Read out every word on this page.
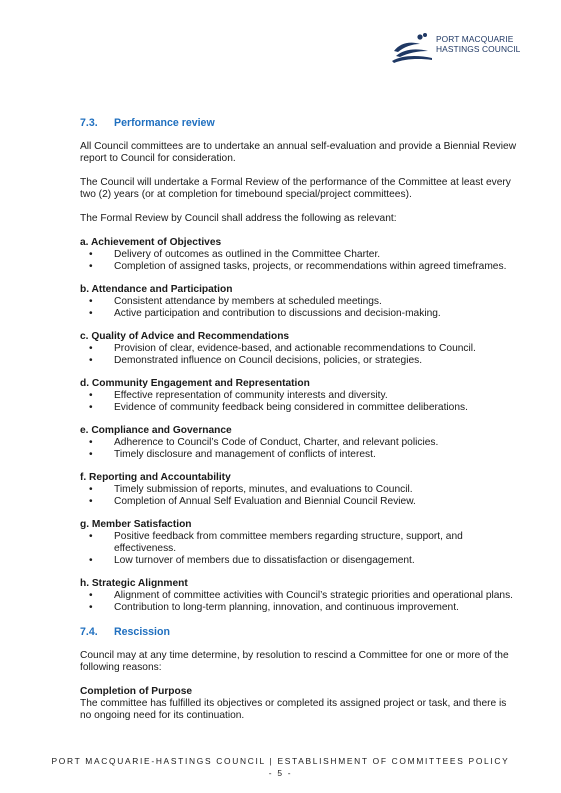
PORT MACQUARIE
HASTINGS COUNCIL
7.3.	Performance review

All Council committees are to undertake an annual self-evaluation and provide a Biennial Review report to Council for consideration.

The Council will undertake a Formal Review of the performance of the Committee at least every two (2) years (or at completion for timebound special/project committees).

The Formal Review by Council shall address the following as relevant:

a. Achievement of Objectives
• Delivery of outcomes as outlined in the Committee Charter.
• Completion of assigned tasks, projects, or recommendations within agreed timeframes.
b. Attendance and Participation
• Consistent attendance by members at scheduled meetings.
• Active participation and contribution to discussions and decision-making.
c. Quality of Advice and Recommendations
• Provision of clear, evidence-based, and actionable recommendations to Council.
• Demonstrated influence on Council decisions, policies, or strategies.
d. Community Engagement and Representation
• Effective representation of community interests and diversity.
• Evidence of community feedback being considered in committee deliberations.
e. Compliance and Governance
• Adherence to Council’s Code of Conduct, Charter, and relevant policies.
• Timely disclosure and management of conflicts of interest.
f. Reporting and Accountability
• Timely submission of reports, minutes, and evaluations to Council.
• Completion of Annual Self Evaluation and Biennial Council Review.
g. Member Satisfaction
• Positive feedback from committee members regarding structure, support, and effectiveness.
• Low turnover of members due to dissatisfaction or disengagement.
h. Strategic Alignment
• Alignment of committee activities with Council’s strategic priorities and operational plans.
• Contribution to long-term planning, innovation, and continuous improvement.
7.4.	Rescission

Council may at any time determine, by resolution to rescind a Committee for one or more of the following reasons:

Completion of Purpose

The committee has fulfilled its objectives or completed its assigned project or task, and there is no ongoing need for its continuation.

PORT MACQUARIE-HASTINGS COUNCIL | ESTABLISHMENT OF COMMITTEES POLICY
- 5 -
